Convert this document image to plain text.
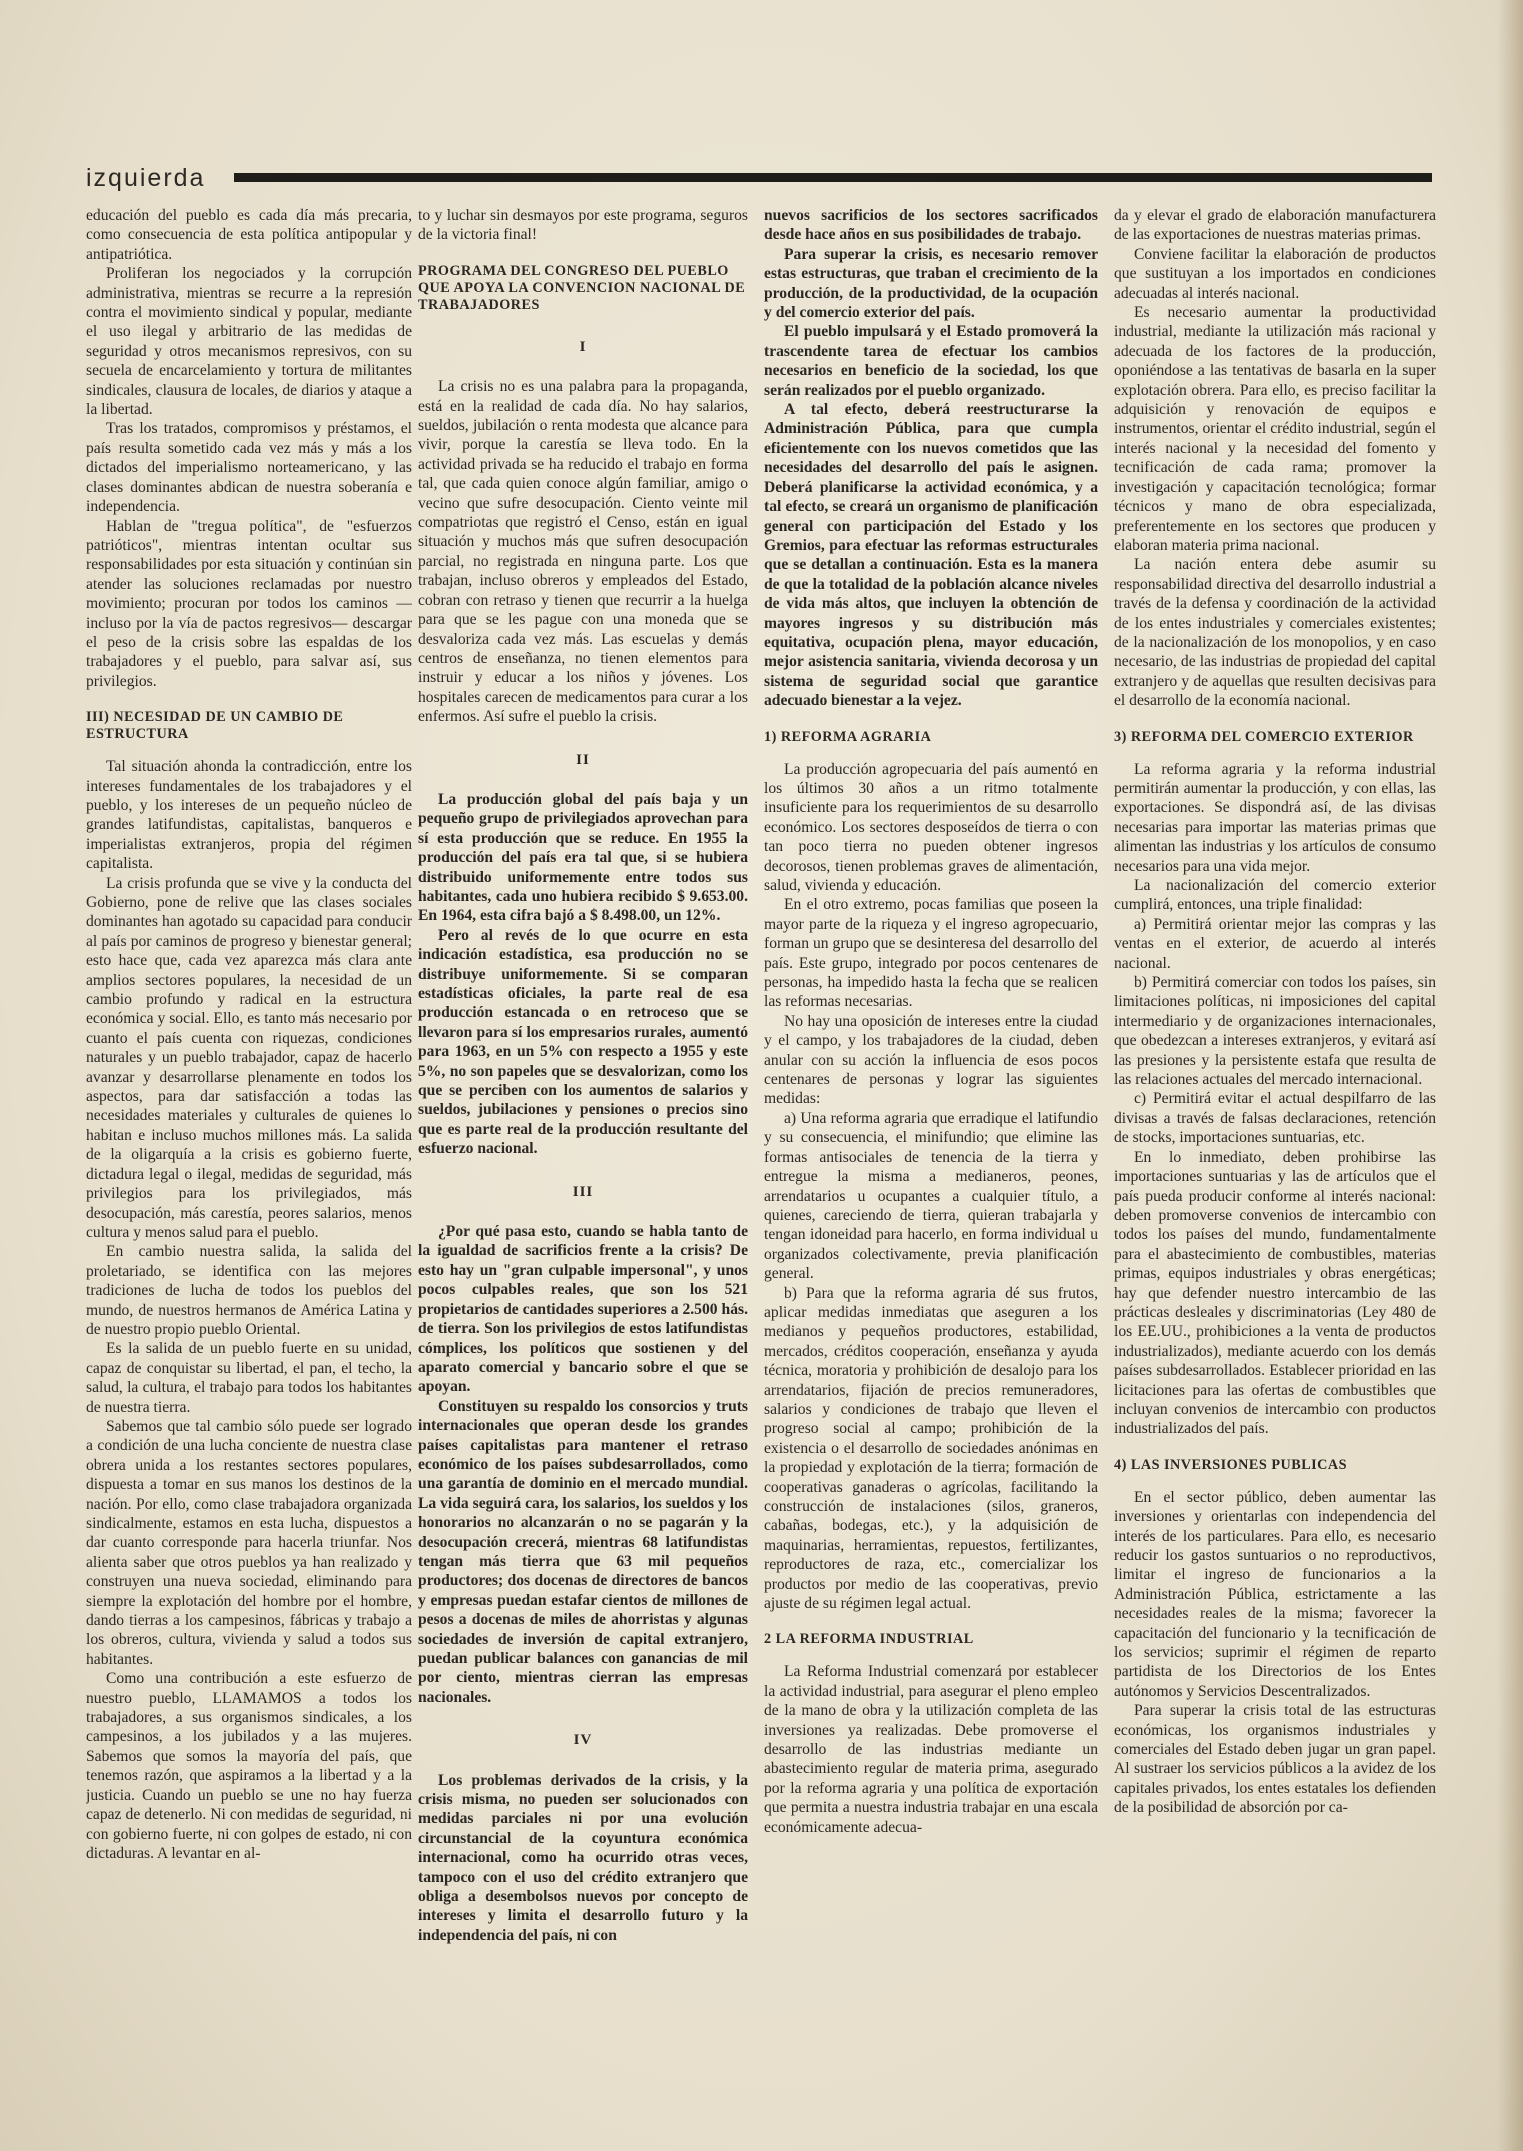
izquierda

educación del pueblo es cada día más precaria, como consecuencia de esta política antipopular y antipatriótica.

Proliferan los negociados y la corrupción administrativa, mientras se recurre a la represión contra el movimiento sindical y popular, mediante el uso ilegal y arbitrario de las medidas de seguridad y otros mecanismos represivos, con su secuela de encarcelamiento y tortura de militantes sindicales, clausura de locales, de diarios y ataque a la libertad.

Tras los tratados, compromisos y préstamos, el país resulta sometido cada vez más y más a los dictados del imperialismo norteamericano, y las clases dominantes abdican de nuestra soberanía e independencia.

Hablan de "tregua política", de "esfuerzos patrióticos", mientras intentan ocultar sus responsabilidades por esta situación y continúan sin atender las soluciones reclamadas por nuestro movimiento; procuran por todos los caminos —incluso por la vía de pactos regresivos— descargar el peso de la crisis sobre las espaldas de los trabajadores y el pueblo, para salvar así, sus privilegios.

III) NECESIDAD DE UN CAMBIO DE ESTRUCTURA

Tal situación ahonda la contradicción, entre los intereses fundamentales de los trabajadores y el pueblo, y los intereses de un pequeño núcleo de grandes latifundistas, capitalistas, banqueros e imperialistas extranjeros, propia del régimen capitalista.

La crisis profunda que se vive y la conducta del Gobierno, pone de relive que las clases sociales dominantes han agotado su capacidad para conducir al país por caminos de progreso y bienestar general; esto hace que, cada vez aparezca más clara ante amplios sectores populares, la necesidad de un cambio profundo y radical en la estructura económica y social. Ello, es tanto más necesario por cuanto el país cuenta con riquezas, condiciones naturales y un pueblo trabajador, capaz de hacerlo avanzar y desarrollarse plenamente en todos los aspectos, para dar satisfacción a todas las necesidades materiales y culturales de quienes lo habitan e incluso muchos millones más. La salida de la oligarquía a la crisis es gobierno fuerte, dictadura legal o ilegal, medidas de seguridad, más privilegios para los privilegiados, más desocupación, más carestía, peores salarios, menos cultura y menos salud para el pueblo.

En cambio nuestra salida, la salida del proletariado, se identifica con las mejores tradiciones de lucha de todos los pueblos del mundo, de nuestros hermanos de América Latina y de nuestro propio pueblo Oriental.

Es la salida de un pueblo fuerte en su unidad, capaz de conquistar su libertad, el pan, el techo, la salud, la cultura, el trabajo para todos los habitantes de nuestra tierra.

Sabemos que tal cambio sólo puede ser logrado a condición de una lucha conciente de nuestra clase obrera unida a los restantes sectores populares, dispuesta a tomar en sus manos los destinos de la nación. Por ello, como clase trabajadora organizada sindicalmente, estamos en esta lucha, dispuestos a dar cuanto corresponde para hacerla triunfar. Nos alienta saber que otros pueblos ya han realizado y construyen una nueva sociedad, eliminando para siempre la explotación del hombre por el hombre, dando tierras a los campesinos, fábricas y trabajo a los obreros, cultura, vivienda y salud a todos sus habitantes.

Como una contribución a este esfuerzo de nuestro pueblo, LLAMAMOS a todos los trabajadores, a sus organismos sindicales, a los campesinos, a los jubilados y a las mujeres. Sabemos que somos la mayoría del país, que tenemos razón, que aspiramos a la libertad y a la justicia. Cuando un pueblo se une no hay fuerza capaz de detenerlo. Ni con medidas de seguridad, ni con gobierno fuerte, ni con golpes de estado, ni con dictaduras. A levantar en al-

to y luchar sin desmayos por este programa, seguros de la victoria final!

PROGRAMA DEL CONGRESO DEL PUEBLO QUE APOYA LA CONVENCION NACIONAL DE TRABAJADORES
I

La crisis no es una palabra para la propaganda, está en la realidad de cada día. No hay salarios, sueldos, jubilación o renta modesta que alcance para vivir, porque la carestía se lleva todo. En la actividad privada se ha reducido el trabajo en forma tal, que cada quien conoce algún familiar, amigo o vecino que sufre desocupación. Ciento veinte mil compatriotas que registró el Censo, están en igual situación y muchos más que sufren desocupación parcial, no registrada en ninguna parte. Los que trabajan, incluso obreros y empleados del Estado, cobran con retraso y tienen que recurrir a la huelga para que se les pague con una moneda que se desvaloriza cada vez más. Las escuelas y demás centros de enseñanza, no tienen elementos para instruir y educar a los niños y jóvenes. Los hospitales carecen de medicamentos para curar a los enfermos. Así sufre el pueblo la crisis.

II

La producción global del país baja y un pequeño grupo de privilegiados aprovechan para sí esta producción que se reduce. En 1955 la producción del país era tal que, si se hubiera distribuido uniformemente entre todos sus habitantes, cada uno hubiera recibido $ 9.653.00. En 1964, esta cifra bajó a $ 8.498.00, un 12%.

Pero al revés de lo que ocurre en esta indicación estadística, esa producción no se distribuye uniformemente. Si se comparan estadísticas oficiales, la parte real de esa producción estancada o en retroceso que se llevaron para sí los empresarios rurales, aumentó para 1963, en un 5% con respecto a 1955 y este 5%, no son papeles que se desvalorizan, como los que se perciben con los aumentos de salarios y sueldos, jubilaciones y pensiones o precios sino que es parte real de la producción resultante del esfuerzo nacional.

III

¿Por qué pasa esto, cuando se habla tanto de la igualdad de sacrificios frente a la crisis? De esto hay un "gran culpable impersonal", y unos pocos culpables reales, que son los 521 propietarios de cantidades superiores a 2.500 hás. de tierra. Son los privilegios de estos latifundistas cómplices, los políticos que sostienen y del aparato comercial y bancario sobre el que se apoyan.

Constituyen su respaldo los consorcios y truts internacionales que operan desde los grandes países capitalistas para mantener el retraso económico de los países subdesarrollados, como una garantía de dominio en el mercado mundial. La vida seguirá cara, los salarios, los sueldos y los honorarios no alcanzarán o no se pagarán y la desocupación crecerá, mientras 68 latifundistas tengan más tierra que 63 mil pequeños productores; dos docenas de directores de bancos y empresas puedan estafar cientos de millones de pesos a docenas de miles de ahorristas y algunas sociedades de inversión de capital extranjero, puedan publicar balances con ganancias de mil por ciento, mientras cierran las empresas nacionales.

IV

Los problemas derivados de la crisis, y la crisis misma, no pueden ser solucionados con medidas parciales ni por una evolución circunstancial de la coyuntura económica internacional, como ha ocurrido otras veces, tampoco con el uso del crédito extranjero que obliga a desembolsos nuevos por concepto de intereses y limita el desarrollo futuro y la independencia del país, ni con

nuevos sacrificios de los sectores sacrificados desde hace años en sus posibilidades de trabajo.

Para superar la crisis, es necesario remover estas estructuras, que traban el crecimiento de la producción, de la productividad, de la ocupación y del comercio exterior del país.

El pueblo impulsará y el Estado promoverá la trascendente tarea de efectuar los cambios necesarios en beneficio de la sociedad, los que serán realizados por el pueblo organizado.

A tal efecto, deberá reestructurarse la Administración Pública, para que cumpla eficientemente con los nuevos cometidos que las necesidades del desarrollo del país le asignen. Deberá planificarse la actividad económica, y a tal efecto, se creará un organismo de planificación general con participación del Estado y los Gremios, para efectuar las reformas estructurales que se detallan a continuación. Esta es la manera de que la totalidad de la población alcance niveles de vida más altos, que incluyen la obtención de mayores ingresos y su distribución más equitativa, ocupación plena, mayor educación, mejor asistencia sanitaria, vivienda decorosa y un sistema de seguridad social que garantice adecuado bienestar a la vejez.

1) REFORMA AGRARIA

La producción agropecuaria del país aumentó en los últimos 30 años a un ritmo totalmente insuficiente para los requerimientos de su desarrollo económico. Los sectores desposeídos de tierra o con tan poco tierra no pueden obtener ingresos decorosos, tienen problemas graves de alimentación, salud, vivienda y educación.

En el otro extremo, pocas familias que poseen la mayor parte de la riqueza y el ingreso agropecuario, forman un grupo que se desinteresa del desarrollo del país. Este grupo, integrado por pocos centenares de personas, ha impedido hasta la fecha que se realicen las reformas necesarias.

No hay una oposición de intereses entre la ciudad y el campo, y los trabajadores de la ciudad, deben anular con su acción la influencia de esos pocos centenares de personas y lograr las siguientes medidas:

a) Una reforma agraria que erradique el latifundio y su consecuencia, el minifundio; que elimine las formas antisociales de tenencia de la tierra y entregue la misma a medianeros, peones, arrendatarios u ocupantes a cualquier título, a quienes, careciendo de tierra, quieran trabajarla y tengan idoneidad para hacerlo, en forma individual u organizados colectivamente, previa planificación general.

b) Para que la reforma agraria dé sus frutos, aplicar medidas inmediatas que aseguren a los medianos y pequeños productores, estabilidad, mercados, créditos cooperación, enseñanza y ayuda técnica, moratoria y prohibición de desalojo para los arrendatarios, fijación de precios remuneradores, salarios y condiciones de trabajo que lleven el progreso social al campo; prohibición de la existencia o el desarrollo de sociedades anónimas en la propiedad y explotación de la tierra; formación de cooperativas ganaderas o agrícolas, facilitando la construcción de instalaciones (silos, graneros, cabañas, bodegas, etc.), y la adquisición de maquinarias, herramientas, repuestos, fertilizantes, reproductores de raza, etc., comercializar los productos por medio de las cooperativas, previo ajuste de su régimen legal actual.

2 LA REFORMA INDUSTRIAL

La Reforma Industrial comenzará por establecer la actividad industrial, para asegurar el pleno empleo de la mano de obra y la utilización completa de las inversiones ya realizadas. Debe promoverse el desarrollo de las industrias mediante un abastecimiento regular de materia prima, asegurado por la reforma agraria y una política de exportación que permita a nuestra industria trabajar en una escala económicamente adecua-

da y elevar el grado de elaboración manufacturera de las exportaciones de nuestras materias primas.

Conviene facilitar la elaboración de productos que sustituyan a los importados en condiciones adecuadas al interés nacional.

Es necesario aumentar la productividad industrial, mediante la utilización más racional y adecuada de los factores de la producción, oponiéndose a las tentativas de basarla en la super explotación obrera. Para ello, es preciso facilitar la adquisición y renovación de equipos e instrumentos, orientar el crédito industrial, según el interés nacional y la necesidad del fomento y tecnificación de cada rama; promover la investigación y capacitación tecnológica; formar técnicos y mano de obra especializada, preferentemente en los sectores que producen y elaboran materia prima nacional.

La nación entera debe asumir su responsabilidad directiva del desarrollo industrial a través de la defensa y coordinación de la actividad de los entes industriales y comerciales existentes; de la nacionalización de los monopolios, y en caso necesario, de las industrias de propiedad del capital extranjero y de aquellas que resulten decisivas para el desarrollo de la economía nacional.

3) REFORMA DEL COMERCIO EXTERIOR

La reforma agraria y la reforma industrial permitirán aumentar la producción, y con ellas, las exportaciones. Se dispondrá así, de las divisas necesarias para importar las materias primas que alimentan las industrias y los artículos de consumo necesarios para una vida mejor.

La nacionalización del comercio exterior cumplirá, entonces, una triple finalidad:

a) Permitirá orientar mejor las compras y las ventas en el exterior, de acuerdo al interés nacional.

b) Permitirá comerciar con todos los países, sin limitaciones políticas, ni imposiciones del capital intermediario y de organizaciones internacionales, que obedezcan a intereses extranjeros, y evitará así las presiones y la persistente estafa que resulta de las relaciones actuales del mercado internacional.

c) Permitirá evitar el actual despilfarro de las divisas a través de falsas declaraciones, retención de stocks, importaciones suntuarias, etc.

En lo inmediato, deben prohibirse las importaciones suntuarias y las de artículos que el país pueda producir conforme al interés nacional: deben promoverse convenios de intercambio con todos los países del mundo, fundamentalmente para el abastecimiento de combustibles, materias primas, equipos industriales y obras energéticas; hay que defender nuestro intercambio de las prácticas desleales y discriminatorias (Ley 480 de los EE.UU., prohibiciones a la venta de productos industrializados), mediante acuerdo con los demás países subdesarrollados. Establecer prioridad en las licitaciones para las ofertas de combustibles que incluyan convenios de intercambio con productos industrializados del país.

4) LAS INVERSIONES PUBLICAS

En el sector público, deben aumentar las inversiones y orientarlas con independencia del interés de los particulares. Para ello, es necesario reducir los gastos suntuarios o no reproductivos, limitar el ingreso de funcionarios a la Administración Pública, estrictamente a las necesidades reales de la misma; favorecer la capacitación del funcionario y la tecnificación de los servicios; suprimir el régimen de reparto partidista de los Directorios de los Entes autónomos y Servicios Descentralizados.

Para superar la crisis total de las estructuras económicas, los organismos industriales y comerciales del Estado deben jugar un gran papel. Al sustraer los servicios públicos a la avidez de los capitales privados, los entes estatales los defienden de la posibilidad de absorción por ca-
